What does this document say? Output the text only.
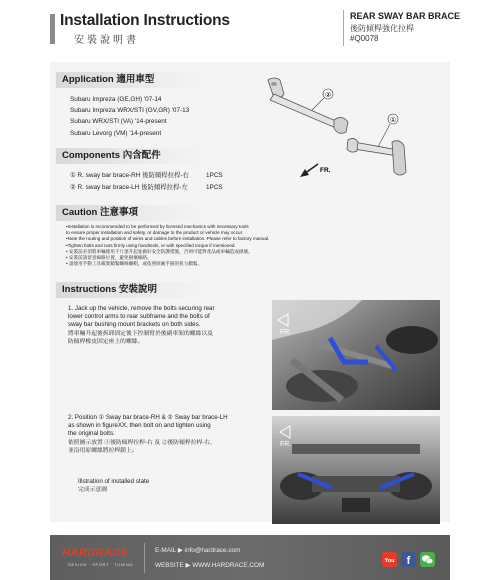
Installation Instructions
安裝說明書
REAR SWAY BAR BRACE
後防傾桿強化拉桿
#Q0078
Application 適用車型
Subaru Impreza (GE,GH) '07-14
Subaru Impreza WRX/STI (GV,GR) '07-13
Subaru WRX/STI (VA) '14-present
Subaru Levorg (VM) '14-present
②
①
FR.
Components 內含配件
① R. sway bar brace-RH 後防傾桿拉桿-右	1PCS
② R. sway bar brace-LH 後防傾桿拉桿-左	1PCS
Caution 注意事項
•Installation is recommended to be performed by licensed mechanics with necessary tools
to ensure proper installation and safety, or damage to the product or vehicle may occur.
•Note the routing and position of wires and cables before installation. Please refer to factory manual.
•Tighten bolts and nuts firmly using handtools, or with specified torque if mentioned.
• 安裝前必須將車輛使用千斤頂升起並做好安全防護措施，否則可能對產品或車輛造成損壞。
• 安裝前請留意線路位置，避免損壞線路。
• 請使用手動工具確實鎖緊螺絲螺帽，或依照原廠手冊的扭力鎖緊。
Instructions 安裝說明
1. Jack up the vehicle, remove the bolts securing rear
lower control arms to rear subframe and the bolts of
sway bar bushing mount brackets on both sides.
將車輛升起後拆卸固定後下控制臂於後副車架的螺絲以及
防傾桿橡皮固定座上的螺絲。
FR.
2. Position ① Sway bar brace-RH & ② Sway bar brace-LH
as shown in figureXX, then bolt on and tighten using
the original bolts.
依照圖示放置 ①後防傾桿拉桿-右 及 ②後防傾桿拉桿-右，
並沿用原螺絲將拉桿鎖上。
Illstration of installed state
完成示意圖
FR.
HARDRACE
DESIGN · SPORT · TUNING
E-MAIL ▶ info@hardrace.com
WEBSITE ▶ WWW.HARDRACE.COM
You f	✉
